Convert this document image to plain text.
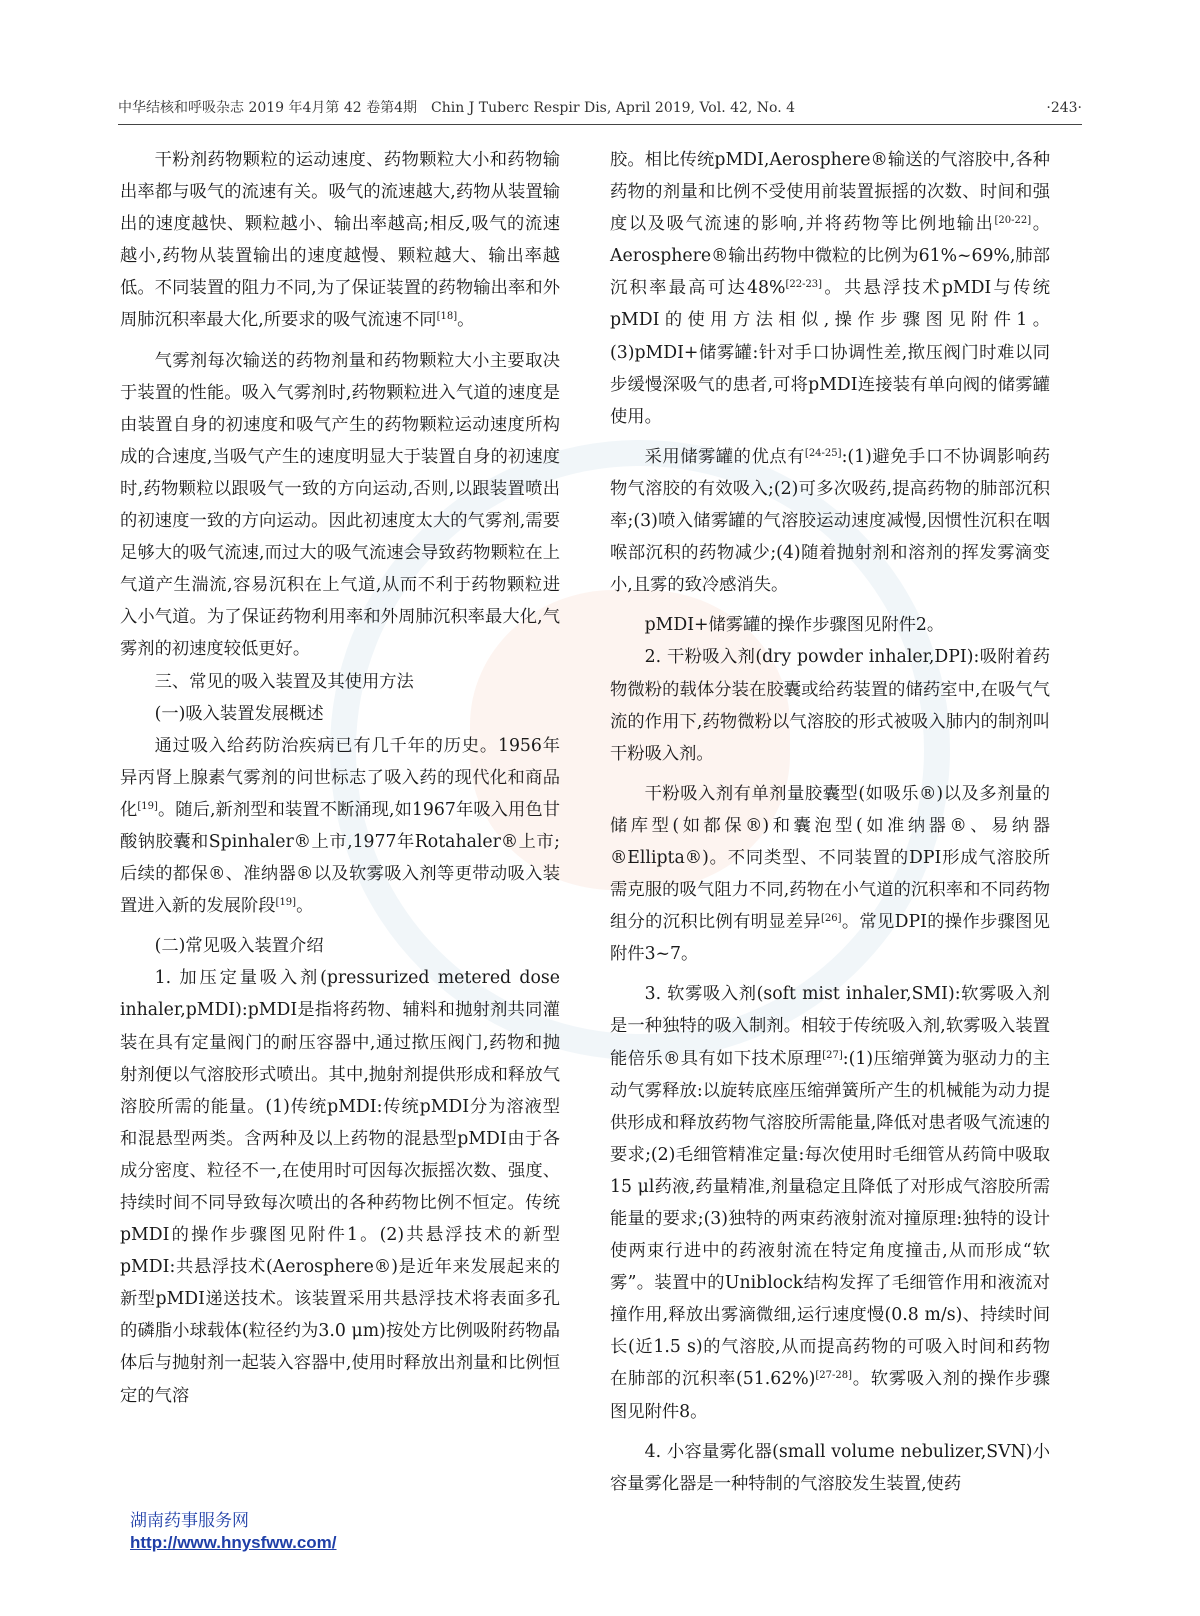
中华结核和呼吸杂志 2019 年4月第 42 卷第4期　Chin J Tuberc Respir Dis, April 2019, Vol. 42, No. 4	·243·

干粉剂药物颗粒的运动速度、药物颗粒大小和药物输出率都与吸气的流速有关。吸气的流速越大,药物从装置输出的速度越快、颗粒越小、输出率越高;相反,吸气的流速越小,药物从装置输出的速度越慢、颗粒越大、输出率越低。不同装置的阻力不同,为了保证装置的药物输出率和外周肺沉积率最大化,所要求的吸气流速不同[18]。

气雾剂每次输送的药物剂量和药物颗粒大小主要取决于装置的性能。吸入气雾剂时,药物颗粒进入气道的速度是由装置自身的初速度和吸气产生的药物颗粒运动速度所构成的合速度,当吸气产生的速度明显大于装置自身的初速度时,药物颗粒以跟吸气一致的方向运动,否则,以跟装置喷出的初速度一致的方向运动。因此初速度太大的气雾剂,需要足够大的吸气流速,而过大的吸气流速会导致药物颗粒在上气道产生湍流,容易沉积在上气道,从而不利于药物颗粒进入小气道。为了保证药物利用率和外周肺沉积率最大化,气雾剂的初速度较低更好。

三、常见的吸入装置及其使用方法

(一)吸入装置发展概述

通过吸入给药防治疾病已有几千年的历史。1956年异丙肾上腺素气雾剂的问世标志了吸入药的现代化和商品化[19]。随后,新剂型和装置不断涌现,如1967年吸入用色甘酸钠胶囊和Spinhaler®上市,1977年Rotahaler®上市;后续的都保®、准纳器®以及软雾吸入剂等更带动吸入装置进入新的发展阶段[19]。

(二)常见吸入装置介绍

1. 加压定量吸入剂(pressurized metered dose inhaler,pMDI):pMDI是指将药物、辅料和抛射剂共同灌装在具有定量阀门的耐压容器中,通过揿压阀门,药物和抛射剂便以气溶胶形式喷出。其中,抛射剂提供形成和释放气溶胶所需的能量。(1)传统pMDI:传统pMDI分为溶液型和混悬型两类。含两种及以上药物的混悬型pMDI由于各成分密度、粒径不一,在使用时可因每次振摇次数、强度、持续时间不同导致每次喷出的各种药物比例不恒定。传统pMDI的操作步骤图见附件1。(2)共悬浮技术的新型pMDI:共悬浮技术(Aerosphere®)是近年来发展起来的新型pMDI递送技术。该装置采用共悬浮技术将表面多孔的磷脂小球载体(粒径约为3.0 μm)按处方比例吸附药物晶体后与抛射剂一起装入容器中,使用时释放出剂量和比例恒定的气溶

胶。相比传统pMDI,Aerosphere®输送的气溶胶中,各种药物的剂量和比例不受使用前装置振摇的次数、时间和强度以及吸气流速的影响,并将药物等比例地输出[20-22]。Aerosphere®输出药物中微粒的比例为61%~69%,肺部沉积率最高可达48%[22-23]。共悬浮技术pMDI与传统pMDI的使用方法相似,操作步骤图见附件1。(3)pMDI+储雾罐:针对手口协调性差,揿压阀门时难以同步缓慢深吸气的患者,可将pMDI连接装有单向阀的储雾罐使用。

采用储雾罐的优点有[24-25]:(1)避免手口不协调影响药物气溶胶的有效吸入;(2)可多次吸药,提高药物的肺部沉积率;(3)喷入储雾罐的气溶胶运动速度减慢,因惯性沉积在咽喉部沉积的药物减少;(4)随着抛射剂和溶剂的挥发雾滴变小,且雾的致冷感消失。

pMDI+储雾罐的操作步骤图见附件2。

2. 干粉吸入剂(dry powder inhaler,DPI):吸附着药物微粉的载体分装在胶囊或给药装置的储药室中,在吸气气流的作用下,药物微粉以气溶胶的形式被吸入肺内的制剂叫干粉吸入剂。

干粉吸入剂有单剂量胶囊型(如吸乐®)以及多剂量的储库型(如都保®)和囊泡型(如准纳器®、易纳器®Ellipta®)。不同类型、不同装置的DPI形成气溶胶所需克服的吸气阻力不同,药物在小气道的沉积率和不同药物组分的沉积比例有明显差异[26]。常见DPI的操作步骤图见附件3~7。

3. 软雾吸入剂(soft mist inhaler,SMI):软雾吸入剂是一种独特的吸入制剂。相较于传统吸入剂,软雾吸入装置能倍乐®具有如下技术原理[27]:(1)压缩弹簧为驱动力的主动气雾释放:以旋转底座压缩弹簧所产生的机械能为动力提供形成和释放药物气溶胶所需能量,降低对患者吸气流速的要求;(2)毛细管精准定量:每次使用时毛细管从药筒中吸取15 μl药液,药量精准,剂量稳定且降低了对形成气溶胶所需能量的要求;(3)独特的两束药液射流对撞原理:独特的设计使两束行进中的药液射流在特定角度撞击,从而形成“软雾”。装置中的Uniblock结构发挥了毛细管作用和液流对撞作用,释放出雾滴微细,运行速度慢(0.8 m/s)、持续时间长(近1.5 s)的气溶胶,从而提高药物的可吸入时间和药物在肺部的沉积率(51.62%)[27-28]。软雾吸入剂的操作步骤图见附件8。

4. 小容量雾化器(small volume nebulizer,SVN)小容量雾化器是一种特制的气溶胶发生装置,使药

湖南药事服务网
http://www.hnysfww.com/
